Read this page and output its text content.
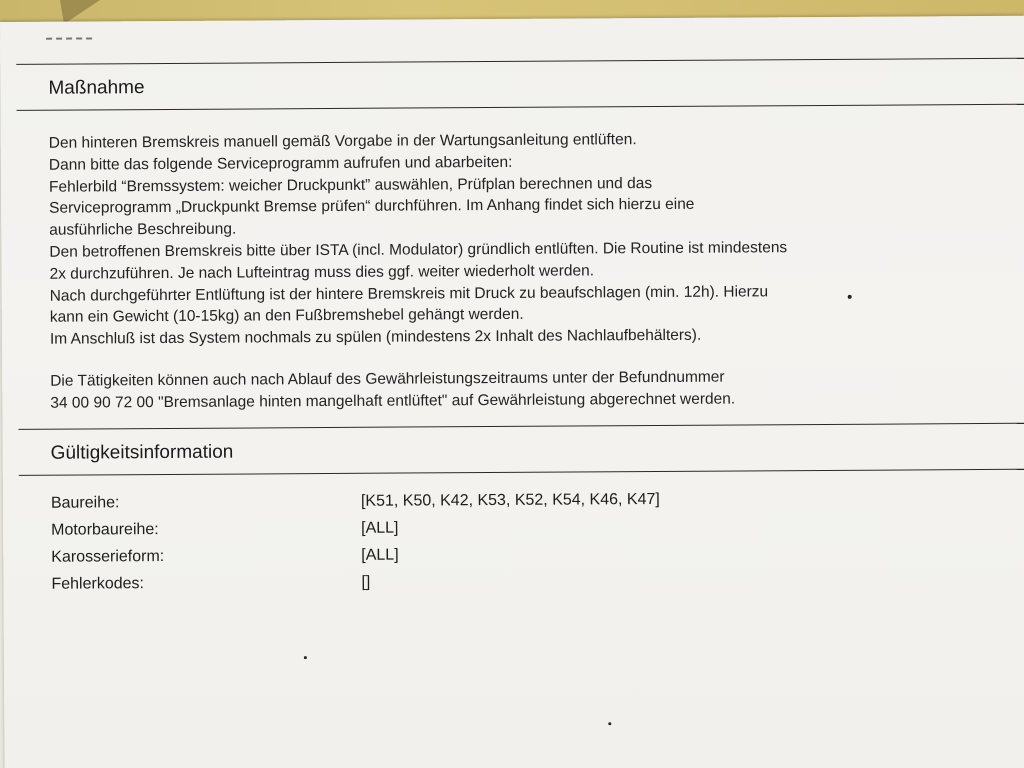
Maßnahme

Den hinteren Bremskreis manuell gemäß Vorgabe in der Wartungsanleitung entlüften.

Dann bitte das folgende Serviceprogramm aufrufen und abarbeiten:

Fehlerbild “Bremssystem: weicher Druckpunkt” auswählen, Prüfplan berechnen und das

Serviceprogramm „Druckpunkt Bremse prüfen“ durchführen. Im Anhang findet sich hierzu eine

ausführliche Beschreibung.

Den betroffenen Bremskreis bitte über ISTA (incl. Modulator) gründlich entlüften. Die Routine ist mindestens

2x durchzuführen. Je nach Lufteintrag muss dies ggf. weiter wiederholt werden.

Nach durchgeführter Entlüftung ist der hintere Bremskreis mit Druck zu beaufschlagen (min. 12h). Hierzu

kann ein Gewicht (10-15kg) an den Fußbremshebel gehängt werden.

Im Anschluß ist das System nochmals zu spülen (mindestens 2x Inhalt des Nachlaufbehälters).

Die Tätigkeiten können auch nach Ablauf des Gewährleistungszeitraums unter der Befundnummer

34 00 90 72 00 "Bremsanlage hinten mangelhaft entlüftet" auf Gewährleistung abgerechnet werden.

Gültigkeitsinformation
Baureihe:	[K51, K50, K42, K53, K52, K54, K46, K47]
Motorbaureihe:	[ALL]
Karosserieform:	[ALL]
Fehlerkodes:	[]
